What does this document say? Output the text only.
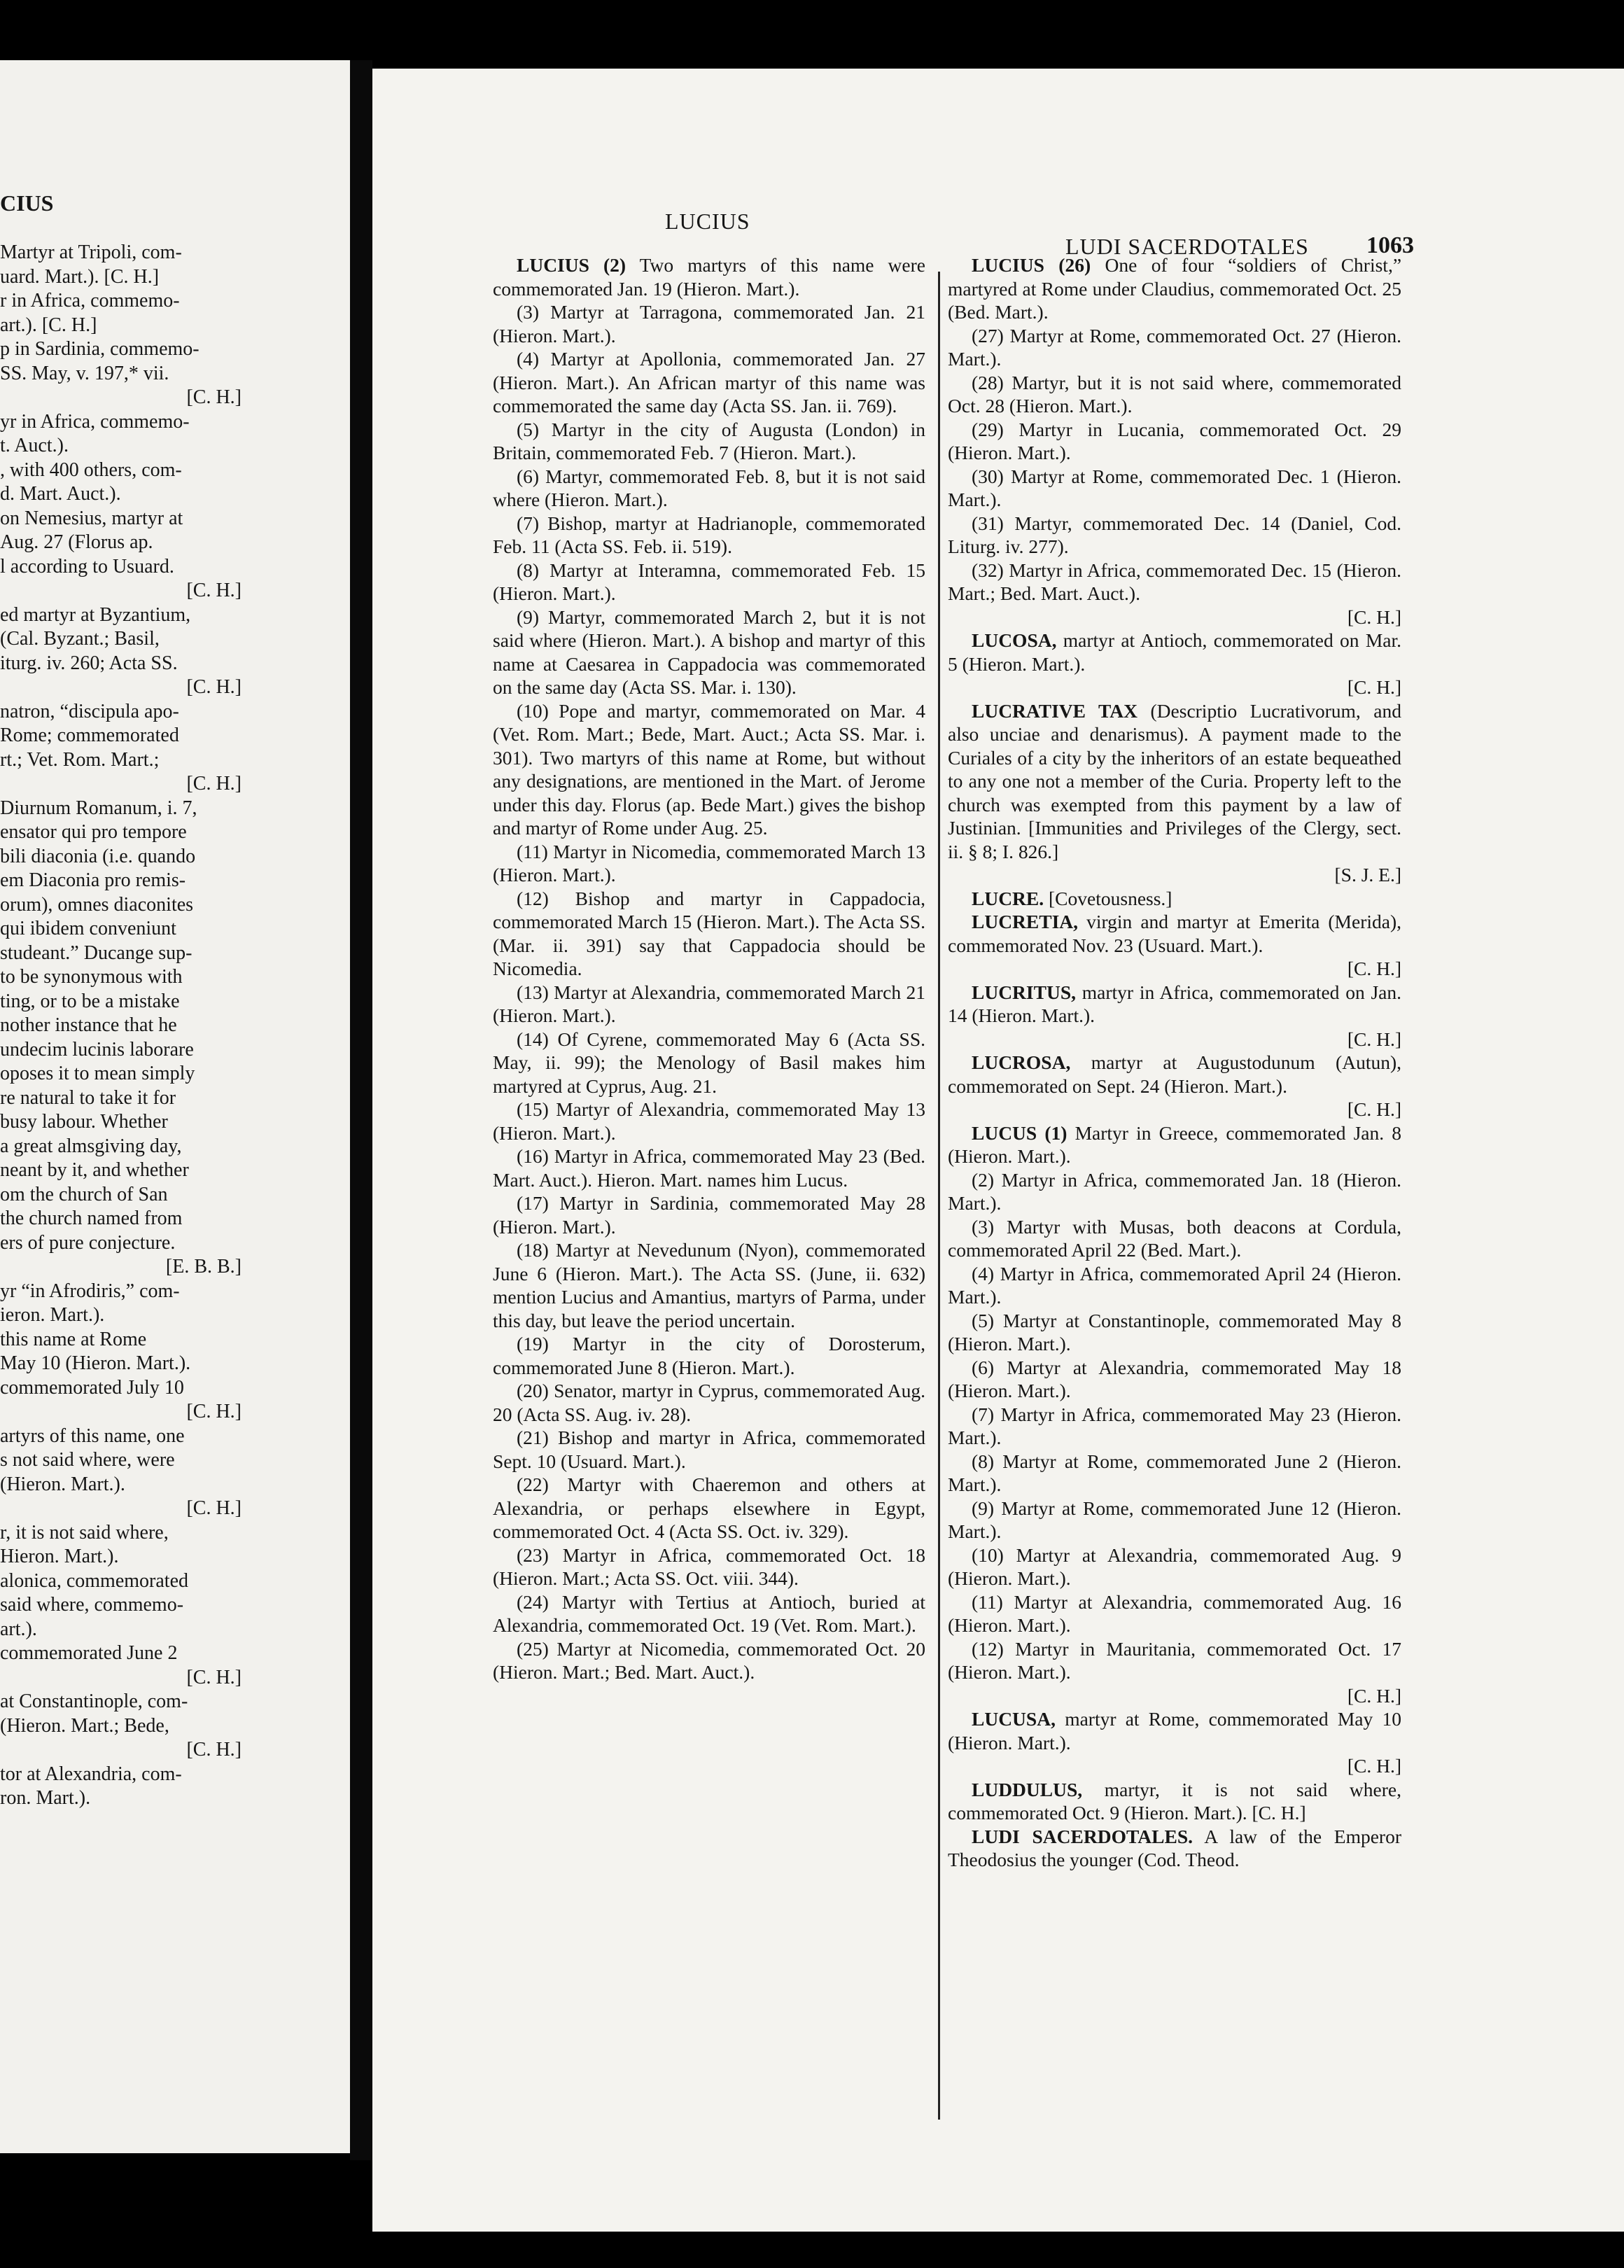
CIUS
Martyr at Tripoli, com-
uard. Mart.). [C. H.]
r in Africa, commemo-
art.). [C. H.]
p in Sardinia, commemo-
SS. May, v. 197,* vii.
[C. H.]
yr in Africa, commemo-
t. Auct.).
, with 400 others, com-
d. Mart. Auct.).
on Nemesius, martyr at
Aug. 27 (Florus ap.
l according to Usuard.
[C. H.]
ed martyr at Byzantium,
(Cal. Byzant.; Basil,
iturg. iv. 260; Acta SS.
[C. H.]
natron, “discipula apo-
Rome; commemorated
rt.; Vet. Rom. Mart.;
[C. H.]
Diurnum Romanum, i. 7,
ensator qui pro tempore
bili diaconia (i.e. quando
em Diaconia pro remis-
orum), omnes diaconites
qui ibidem conveniunt
studeant.” Ducange sup-
to be synonymous with
ting, or to be a mistake
nother instance that he
undecim lucinis laborare
oposes it to mean simply
re natural to take it for
busy labour. Whether
a great almsgiving day,
neant by it, and whether
om the church of San
the church named from
ers of pure conjecture.
[E. B. B.]
yr “in Afrodiris,” com-
ieron. Mart.).
this name at Rome
May 10 (Hieron. Mart.).
commemorated July 10
[C. H.]
artyrs of this name, one
s not said where, were
(Hieron. Mart.).
[C. H.]
r, it is not said where,
Hieron. Mart.).
alonica, commemorated
said where, commemo-
art.).
commemorated June 2
[C. H.]
at Constantinople, com-
(Hieron. Mart.; Bede,
[C. H.]
tor at Alexandria, com-
ron. Mart.).
LUCIUS
LUDI SACERDOTALES 1063

LUCIUS (2) Two martyrs of this name were commemorated Jan. 19 (Hieron. Mart.).

(3) Martyr at Tarragona, commemorated Jan. 21 (Hieron. Mart.).

(4) Martyr at Apollonia, commemorated Jan. 27 (Hieron. Mart.). An African martyr of this name was commemorated the same day (Acta SS. Jan. ii. 769).

(5) Martyr in the city of Augusta (London) in Britain, commemorated Feb. 7 (Hieron. Mart.).

(6) Martyr, commemorated Feb. 8, but it is not said where (Hieron. Mart.).

(7) Bishop, martyr at Hadrianople, commemorated Feb. 11 (Acta SS. Feb. ii. 519).

(8) Martyr at Interamna, commemorated Feb. 15 (Hieron. Mart.).

(9) Martyr, commemorated March 2, but it is not said where (Hieron. Mart.). A bishop and martyr of this name at Caesarea in Cappadocia was commemorated on the same day (Acta SS. Mar. i. 130).

(10) Pope and martyr, commemorated on Mar. 4 (Vet. Rom. Mart.; Bede, Mart. Auct.; Acta SS. Mar. i. 301). Two martyrs of this name at Rome, but without any designations, are mentioned in the Mart. of Jerome under this day. Florus (ap. Bede Mart.) gives the bishop and martyr of Rome under Aug. 25.

(11) Martyr in Nicomedia, commemorated March 13 (Hieron. Mart.).

(12) Bishop and martyr in Cappadocia, commemorated March 15 (Hieron. Mart.). The Acta SS. (Mar. ii. 391) say that Cappadocia should be Nicomedia.

(13) Martyr at Alexandria, commemorated March 21 (Hieron. Mart.).

(14) Of Cyrene, commemorated May 6 (Acta SS. May, ii. 99); the Menology of Basil makes him martyred at Cyprus, Aug. 21.

(15) Martyr of Alexandria, commemorated May 13 (Hieron. Mart.).

(16) Martyr in Africa, commemorated May 23 (Bed. Mart. Auct.). Hieron. Mart. names him Lucus.

(17) Martyr in Sardinia, commemorated May 28 (Hieron. Mart.).

(18) Martyr at Nevedunum (Nyon), commemorated June 6 (Hieron. Mart.). The Acta SS. (June, ii. 632) mention Lucius and Amantius, martyrs of Parma, under this day, but leave the period uncertain.

(19) Martyr in the city of Dorosterum, commemorated June 8 (Hieron. Mart.).

(20) Senator, martyr in Cyprus, commemorated Aug. 20 (Acta SS. Aug. iv. 28).

(21) Bishop and martyr in Africa, commemorated Sept. 10 (Usuard. Mart.).

(22) Martyr with Chaeremon and others at Alexandria, or perhaps elsewhere in Egypt, commemorated Oct. 4 (Acta SS. Oct. iv. 329).

(23) Martyr in Africa, commemorated Oct. 18 (Hieron. Mart.; Acta SS. Oct. viii. 344).

(24) Martyr with Tertius at Antioch, buried at Alexandria, commemorated Oct. 19 (Vet. Rom. Mart.).

(25) Martyr at Nicomedia, commemorated Oct. 20 (Hieron. Mart.; Bed. Mart. Auct.).

LUCIUS (26) One of four “soldiers of Christ,” martyred at Rome under Claudius, commemorated Oct. 25 (Bed. Mart.).

(27) Martyr at Rome, commemorated Oct. 27 (Hieron. Mart.).

(28) Martyr, but it is not said where, commemorated Oct. 28 (Hieron. Mart.).

(29) Martyr in Lucania, commemorated Oct. 29 (Hieron. Mart.).

(30) Martyr at Rome, commemorated Dec. 1 (Hieron. Mart.).

(31) Martyr, commemorated Dec. 14 (Daniel, Cod. Liturg. iv. 277).

(32) Martyr in Africa, commemorated Dec. 15 (Hieron. Mart.; Bed. Mart. Auct.).

[C. H.]

LUCOSA, martyr at Antioch, commemorated on Mar. 5 (Hieron. Mart.).

[C. H.]

LUCRATIVE TAX (Descriptio Lucrativorum, and also unciae and denarismus). A payment made to the Curiales of a city by the inheritors of an estate bequeathed to any one not a member of the Curia. Property left to the church was exempted from this payment by a law of Justinian. [Immunities and Privileges of the Clergy, sect. ii. § 8; I. 826.]

[S. J. E.]

LUCRE. [Covetousness.]

LUCRETIA, virgin and martyr at Emerita (Merida), commemorated Nov. 23 (Usuard. Mart.).

[C. H.]

LUCRITUS, martyr in Africa, commemorated on Jan. 14 (Hieron. Mart.).

[C. H.]

LUCROSA, martyr at Augustodunum (Autun), commemorated on Sept. 24 (Hieron. Mart.).

[C. H.]

LUCUS (1) Martyr in Greece, commemorated Jan. 8 (Hieron. Mart.).

(2) Martyr in Africa, commemorated Jan. 18 (Hieron. Mart.).

(3) Martyr with Musas, both deacons at Cordula, commemorated April 22 (Bed. Mart.).

(4) Martyr in Africa, commemorated April 24 (Hieron. Mart.).

(5) Martyr at Constantinople, commemorated May 8 (Hieron. Mart.).

(6) Martyr at Alexandria, commemorated May 18 (Hieron. Mart.).

(7) Martyr in Africa, commemorated May 23 (Hieron. Mart.).

(8) Martyr at Rome, commemorated June 2 (Hieron. Mart.).

(9) Martyr at Rome, commemorated June 12 (Hieron. Mart.).

(10) Martyr at Alexandria, commemorated Aug. 9 (Hieron. Mart.).

(11) Martyr at Alexandria, commemorated Aug. 16 (Hieron. Mart.).

(12) Martyr in Mauritania, commemorated Oct. 17 (Hieron. Mart.).

[C. H.]

LUCUSA, martyr at Rome, commemorated May 10 (Hieron. Mart.).

[C. H.]

LUDDULUS, martyr, it is not said where, commemorated Oct. 9 (Hieron. Mart.). [C. H.]

LUDI SACERDOTALES. A law of the Emperor Theodosius the younger (Cod. Theod.
